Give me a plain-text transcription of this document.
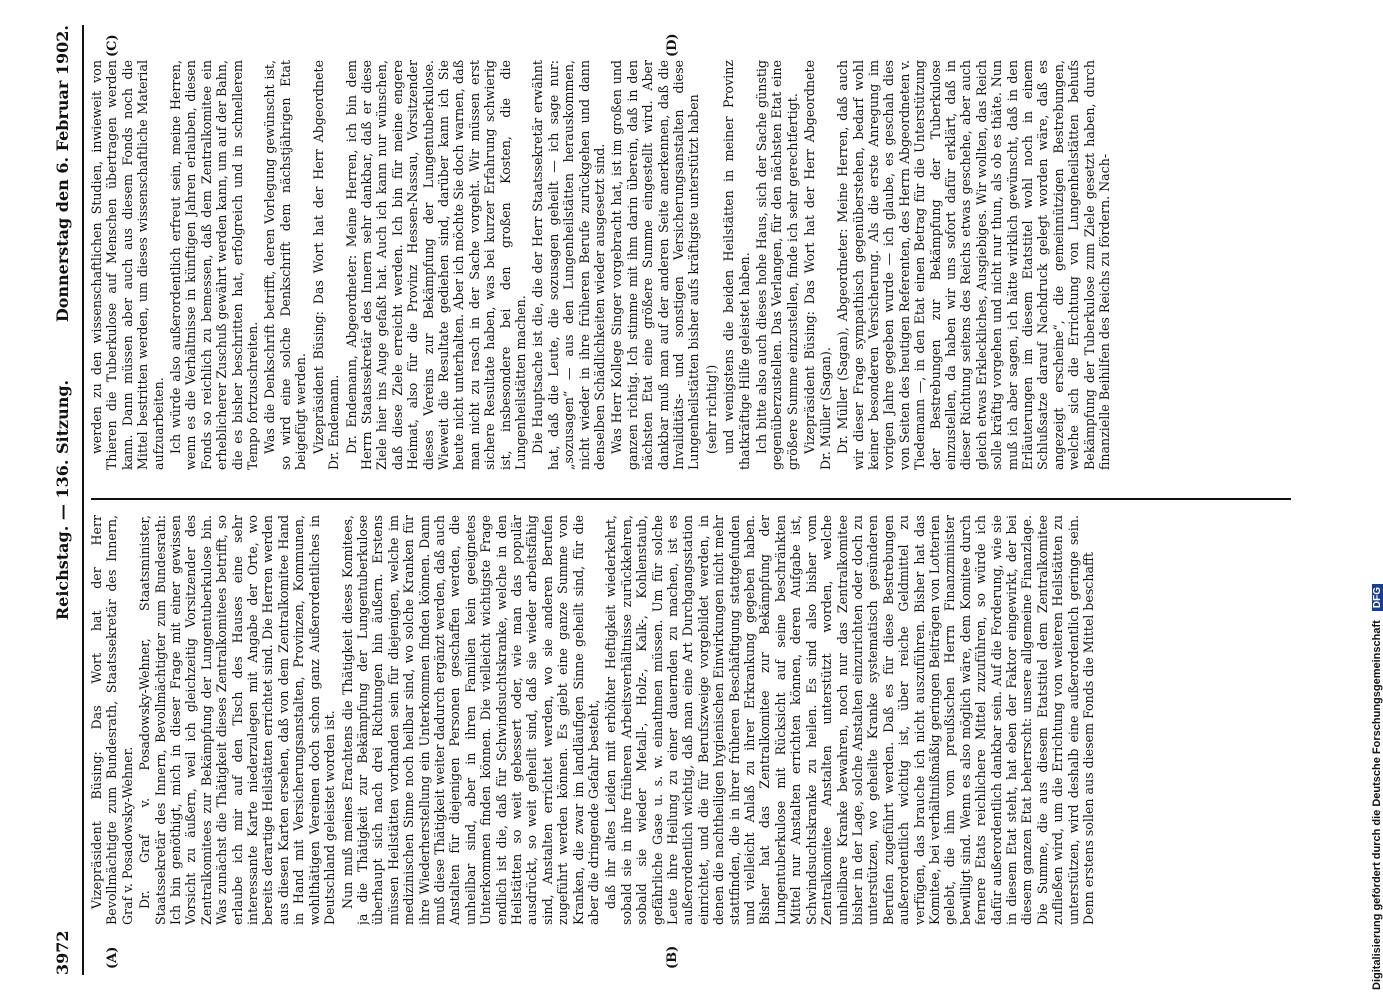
3972
Reichstag. — 136. Sitzung.
Donnerstag den 6. Februar 1902.
(A)	(B)
(C)	(D)

Vizepräsident Büsing: Das Wort hat der Herr Bevollmächtigte zum Bundesrath, Staatssekretär des Innern, Graf v. Posadowsky-Wehner. Dr. Graf v. Posadowsky-Wehner, Staatsminister, Staatssekretär des Innern, Bevollmächtigter zum Bundesrath: Ich bin genöthigt, mich in dieser Frage mit einer gewissen Vorsicht zu äußern, weil ich gleichzeitig Vorsitzender des Zentralkomitees zur Bekämpfung der Lungentuberkulose bin. Was zunächst die Thätigkeit dieses Zentralkomitees betrifft, so erlaube ich mir auf den Tisch des Hauses eine sehr interessante Karte niederzulegen mit Angabe der Orte, wo bereits derartige Heilstätten errichtet sind. Die Herren werden aus diesen Karten ersehen, daß von dem Zentralkomitee Hand in Hand mit Versicherungsanstalten, Provinzen, Kommunen, wohlthätigen Vereinen doch schon ganz Außerordentliches in Deutschland geleistet worden ist. Nun muß meines Erachtens die Thätigkeit dieses Komitees, ja die Thätigkeit zur Bekämpfung der Lungentuberkulose überhaupt sich nach drei Richtungen hin äußern. Erstens müssen Heilstätten vorhanden sein für diejenigen, welche im medizinischen Sinne noch heilbar sind, wo solche Kranken für ihre Wiederherstellung ein Unterkommen finden können. Dann muß diese Thätigkeit weiter dadurch ergänzt werden, daß auch Anstalten für diejenigen Personen geschaffen werden, die unheilbar sind, aber in ihren Familien kein geeignetes Unterkommen finden können. Die vielleicht wichtigste Frage endlich ist die, daß für Schwindsuchtskranke, welche in den Heilstätten so weit gebessert oder, wie man das populär ausdrückt, so weit geheilt sind, daß sie wieder arbeitsfähig sind, Anstalten errichtet werden, wo sie anderen Berufen zugeführt werden können. Es giebt eine ganze Summe von Kranken, die zwar im landläufigen Sinne geheilt sind, für die aber die dringende Gefahr besteht, daß ihr altes Leiden mit erhöhter Heftigkeit wiederkehrt, sobald sie in ihre früheren Arbeitsverhältnisse zurückkehren, sobald sie wieder Metall-, Holz-, Kalk-, Kohlenstaub, gefährliche Gase u. s. w. einathmen müssen. Um für solche Leute ihre Heilung zu einer dauernden zu machen, ist es außerordentlich wichtig, daß man eine Art Durchgangsstation einrichtet, und die für Berufszweige vorgebildet werden, in denen die nachtheiligen hygienischen Einwirkungen nicht mehr stattfinden, die in ihrer früheren Beschäftigung stattgefunden und vielleicht Anlaß zu ihrer Erkrankung gegeben haben. Bisher hat das Zentralkomitee zur Bekämpfung der Lungentuberkulose mit Rücksicht auf seine beschränkten Mittel nur Anstalten errichten können, deren Aufgabe ist, Schwindsuchtskranke zu heilen. Es sind also bisher vom Zentralkomitee Anstalten unterstützt worden, welche unheilbare Kranke bewahren, noch nur das Zentralkomitee bisher in der Lage, solche Anstalten einzurichten oder doch zu unterstützen, wo geheilte Kranke systematisch gesünderen Berufen zugeführt werden. Daß es für diese Bestrebungen außerordentlich wichtig ist, über reiche Geldmittel zu verfügen, das brauche ich nicht auszuführen. Bisher hat das Komitee, bei verhältnißmäßig geringen Beiträgen von Lotterien gelebt, die ihm vom preußischen Herrn Finanzminister bewilligt sind. Wenn es also möglich wäre, dem Komitee durch fernere Etats reichlichere Mittel zuzuführen, so würde ich dafür außerordentlich dankbar sein. Auf die Forderung, wie sie in diesem Etat steht, hat eben der Faktor eingewirkt, der bei diesem ganzen Etat beherrscht: unsere allgemeine Finanzlage. Die Summe, die aus diesem Etatstitel dem Zentralkomitee zufließen wird, um die Errichtung von weiteren Heilstätten zu unterstützen, wird deshalb eine außerordentlich geringe sein. Denn erstens sollen aus diesem Fonds die Mittel beschafft

werden zu den wissenschaftlichen Studien, inwieweit von Thieren die Tuberkulose auf Menschen übertragen werden kann. Dann müssen aber auch aus diesem Fonds noch die Mittel bestritten werden, um dieses wissenschaftliche Material aufzuarbeiten. Ich würde also außerordentlich erfreut sein, meine Herren, wenn es die Verhältnisse in künftigen Jahren erlauben, diesen Fonds so reichlich zu bemessen, daß dem Zentralkomitee ein erheblicherer Zuschuß gewährt werden kann, um auf der Bahn, die es bisher beschritten hat, erfolgreich und in schnellerem Tempo fortzuschreiten. Was die Denkschrift betrifft, deren Vorlegung gewünscht ist, so wird eine solche Denkschrift dem nächstjährigen Etat beigefügt werden. Vizepräsident Büsing: Das Wort hat der Herr Abgeordnete Dr. Endemann. Dr. Endemann, Abgeordneter: Meine Herren, ich bin dem Herrn Staatssekretär des Innern sehr dankbar, daß er diese Ziele hier ins Auge gefaßt hat. Auch ich kann nur wünschen, daß diese Ziele erreicht werden. Ich bin für meine engere Heimat, also für die Provinz Hessen-Nassau, Vorsitzender dieses Vereins zur Bekämpfung der Lungentuberkulose. Wieweit die Resultate gediehen sind, darüber kann ich Sie heute nicht unterhalten. Aber ich möchte Sie doch warnen, daß man nicht zu rasch in der Sache vorgeht. Wir müssen erst sichere Resultate haben, was bei kurzer Erfahrung schwierig ist, insbesondere bei den großen Kosten, die die Lungenheilstätten machen. Die Hauptsache ist die, die der Herr Staatssekretär erwähnt hat, daß die Leute, die sozusagen geheilt — ich sage nur: „sozusagen“ — aus den Lungenheilstätten herauskommen, nicht wieder in ihre früheren Berufe zurückgehen und dann denselben Schädlichkeiten wieder ausgesetzt sind. Was Herr Kollege Singer vorgebracht hat, ist im großen und ganzen richtig. Ich stimme mit ihm darin überein, daß in den nächsten Etat eine größere Summe eingestellt wird. Aber dankbar muß man auf der anderen Seite anerkennen, daß die Invaliditäts- und sonstigen Versicherungsanstalten diese Lungenheilstätten bisher aufs kräftigste unterstützt haben (sehr richtig!) und wenigstens die beiden Heilstätten in meiner Provinz thatkräftige Hilfe geleistet haben. Ich bitte also auch dieses hohe Haus, sich der Sache günstig gegenüberzustellen. Das Verlangen, für den nächsten Etat eine größere Summe einzustellen, finde ich sehr gerechtfertigt. Vizepräsident Büsing: Das Wort hat der Herr Abgeordnete Dr. Müller (Sagan). Dr. Müller (Sagan), Abgeordneter: Meine Herren, daß auch wir dieser Frage sympathisch gegenüberstehen, bedarf wohl keiner besonderen Versicherung. Als die erste Anregung im vorigen Jahre gegeben wurde — ich glaube, es geschah dies von Seiten des heutigen Referenten, des Herrn Abgeordneten v. Tiedemann —, in den Etat einen Betrag für die Unterstützung der Bestrebungen zur Bekämpfung der Tuberkulose einzustellen, da haben wir uns sofort dafür erklärt, daß in dieser Richtung seitens des Reichs etwas geschehe, aber auch gleich etwas Erkleckliches, Ausgiebiges. Wir wollten, das Reich solle kräftig vorgehen und nicht nur thun, als ob es thäte. Nun muß ich aber sagen, ich hätte wirklich gewünscht, daß in den Erläuterungen im diesem Etatstitel wohl noch in einem Schlußsatze darauf Nachdruck gelegt worden wäre, daß es angezeigt erscheine“, die gemeinnützigen Bestrebungen, welche sich die Errichtung von Lungenheilstätten behufs Bekämpfung der Tuberkulose zum Ziele gesetzt haben, durch finanzielle Beihilfen des Reichs zu fördern. Nach-

Digitalisierung gefördert durch die Deutsche Forschungsgemeinschaft DFG
